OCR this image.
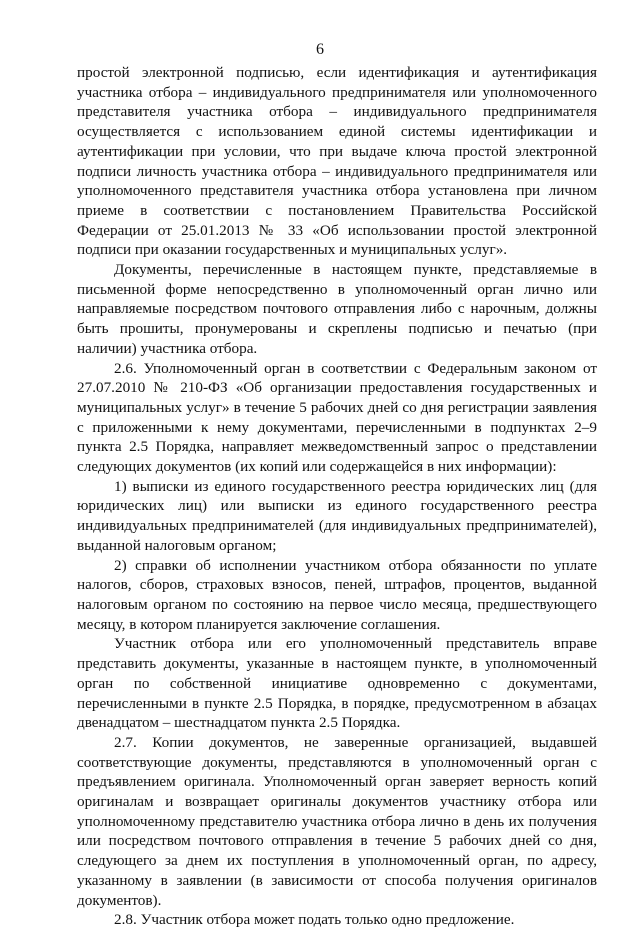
6

простой электронной подписью, если идентификация и аутентификация участника отбора – индивидуального предпринимателя или уполномоченного представителя участника отбора – индивидуального предпринимателя осуществляется с использованием единой системы идентификации и аутентификации при условии, что при выдаче ключа простой электронной подписи личность участника отбора – индивидуального предпринимателя или уполномоченного представителя участника отбора установлена при личном приеме в соответствии с постановлением Правительства Российской Федерации от 25.01.2013 № 33 «Об использовании простой электронной подписи при оказании государственных и муниципальных услуг».

Документы, перечисленные в настоящем пункте, представляемые в письменной форме непосредственно в уполномоченный орган лично или направляемые посредством почтового отправления либо с нарочным, должны быть прошиты, пронумерованы и скреплены подписью и печатью (при наличии) участника отбора.

2.6. Уполномоченный орган в соответствии с Федеральным законом от 27.07.2010 № 210-ФЗ «Об организации предоставления государственных и муниципальных услуг» в течение 5 рабочих дней со дня регистрации заявления с приложенными к нему документами, перечисленными в подпунктах 2–9 пункта 2.5 Порядка, направляет межведомственный запрос о представлении следующих документов (их копий или содержащейся в них информации):

1) выписки из единого государственного реестра юридических лиц (для юридических лиц) или выписки из единого государственного реестра индивидуальных предпринимателей (для индивидуальных предпринимателей), выданной налоговым органом;

2) справки об исполнении участником отбора обязанности по уплате налогов, сборов, страховых взносов, пеней, штрафов, процентов, выданной налоговым органом по состоянию на первое число месяца, предшествующего месяцу, в котором планируется заключение соглашения.

Участник отбора или его уполномоченный представитель вправе представить документы, указанные в настоящем пункте, в уполномоченный орган по собственной инициативе одновременно с документами, перечисленными в пункте 2.5 Порядка, в порядке, предусмотренном в абзацах двенадцатом – шестнадцатом пункта 2.5 Порядка.

2.7. Копии документов, не заверенные организацией, выдавшей соответствующие документы, представляются в уполномоченный орган с предъявлением оригинала. Уполномоченный орган заверяет верность копий оригиналам и возвращает оригиналы документов участнику отбора или уполномоченному представителю участника отбора лично в день их получения или посредством почтового отправления в течение 5 рабочих дней со дня, следующего за днем их поступления в уполномоченный орган, по адресу, указанному в заявлении (в зависимости от способа получения оригиналов документов).

2.8. Участник отбора может подать только одно предложение.
